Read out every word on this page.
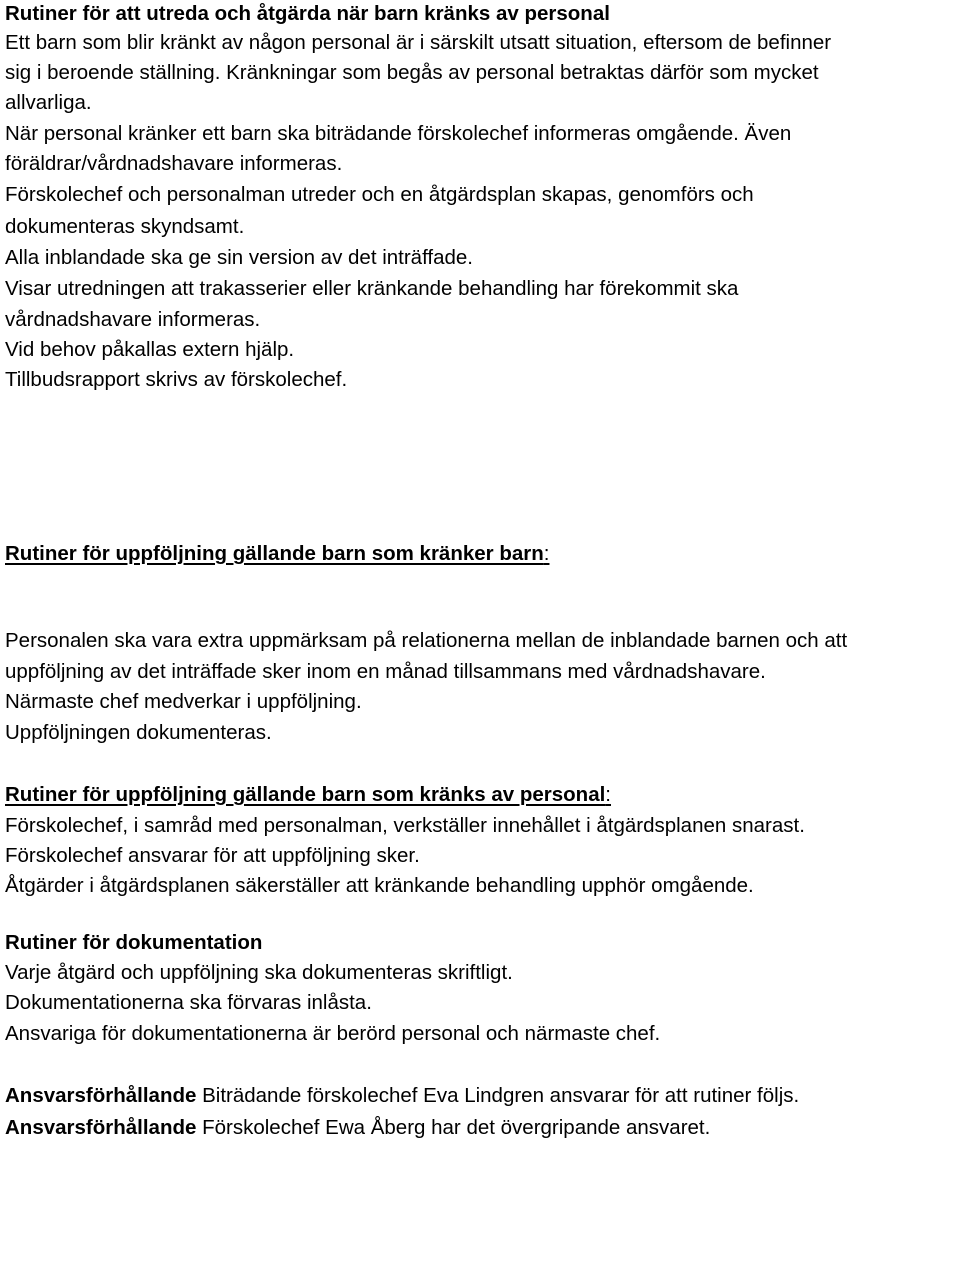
Rutiner för att utreda och åtgärda när barn kränks av personal
Ett barn som blir kränkt av någon personal är i särskilt utsatt situation, eftersom de befinner
sig i beroende ställning. Kränkningar som begås av personal betraktas därför som mycket
allvarliga.
När personal kränker ett barn ska biträdande förskolechef informeras omgående. Även
föräldrar/vårdnadshavare informeras.
Förskolechef och personalman utreder och en åtgärdsplan skapas, genomförs och
dokumenteras skyndsamt.
Alla inblandade ska ge sin version av det inträffade.
Visar utredningen att trakasserier eller kränkande behandling har förekommit ska
vårdnadshavare informeras.
Vid behov påkallas extern hjälp.
Tillbudsrapport skrivs av förskolechef.
Rutiner för uppföljning gällande barn som kränker barn:
Personalen ska vara extra uppmärksam på relationerna mellan de inblandade barnen och att
uppföljning av det inträffade sker inom en månad tillsammans med vårdnadshavare.
Närmaste chef medverkar i uppföljning.
Uppföljningen dokumenteras.
Rutiner för uppföljning gällande barn som kränks av personal:
Förskolechef, i samråd med personalman, verkställer innehållet i åtgärdsplanen snarast.
Förskolechef ansvarar för att uppföljning sker.
Åtgärder i åtgärdsplanen säkerställer att kränkande behandling upphör omgående.
Rutiner för dokumentation
Varje åtgärd och uppföljning ska dokumenteras skriftligt.
Dokumentationerna ska förvaras inlåsta.
Ansvariga för dokumentationerna är berörd personal och närmaste chef.
Ansvarsförhållande Biträdande förskolechef Eva Lindgren ansvarar för att rutiner följs.
Ansvarsförhållande Förskolechef Ewa Åberg har det övergripande ansvaret.
